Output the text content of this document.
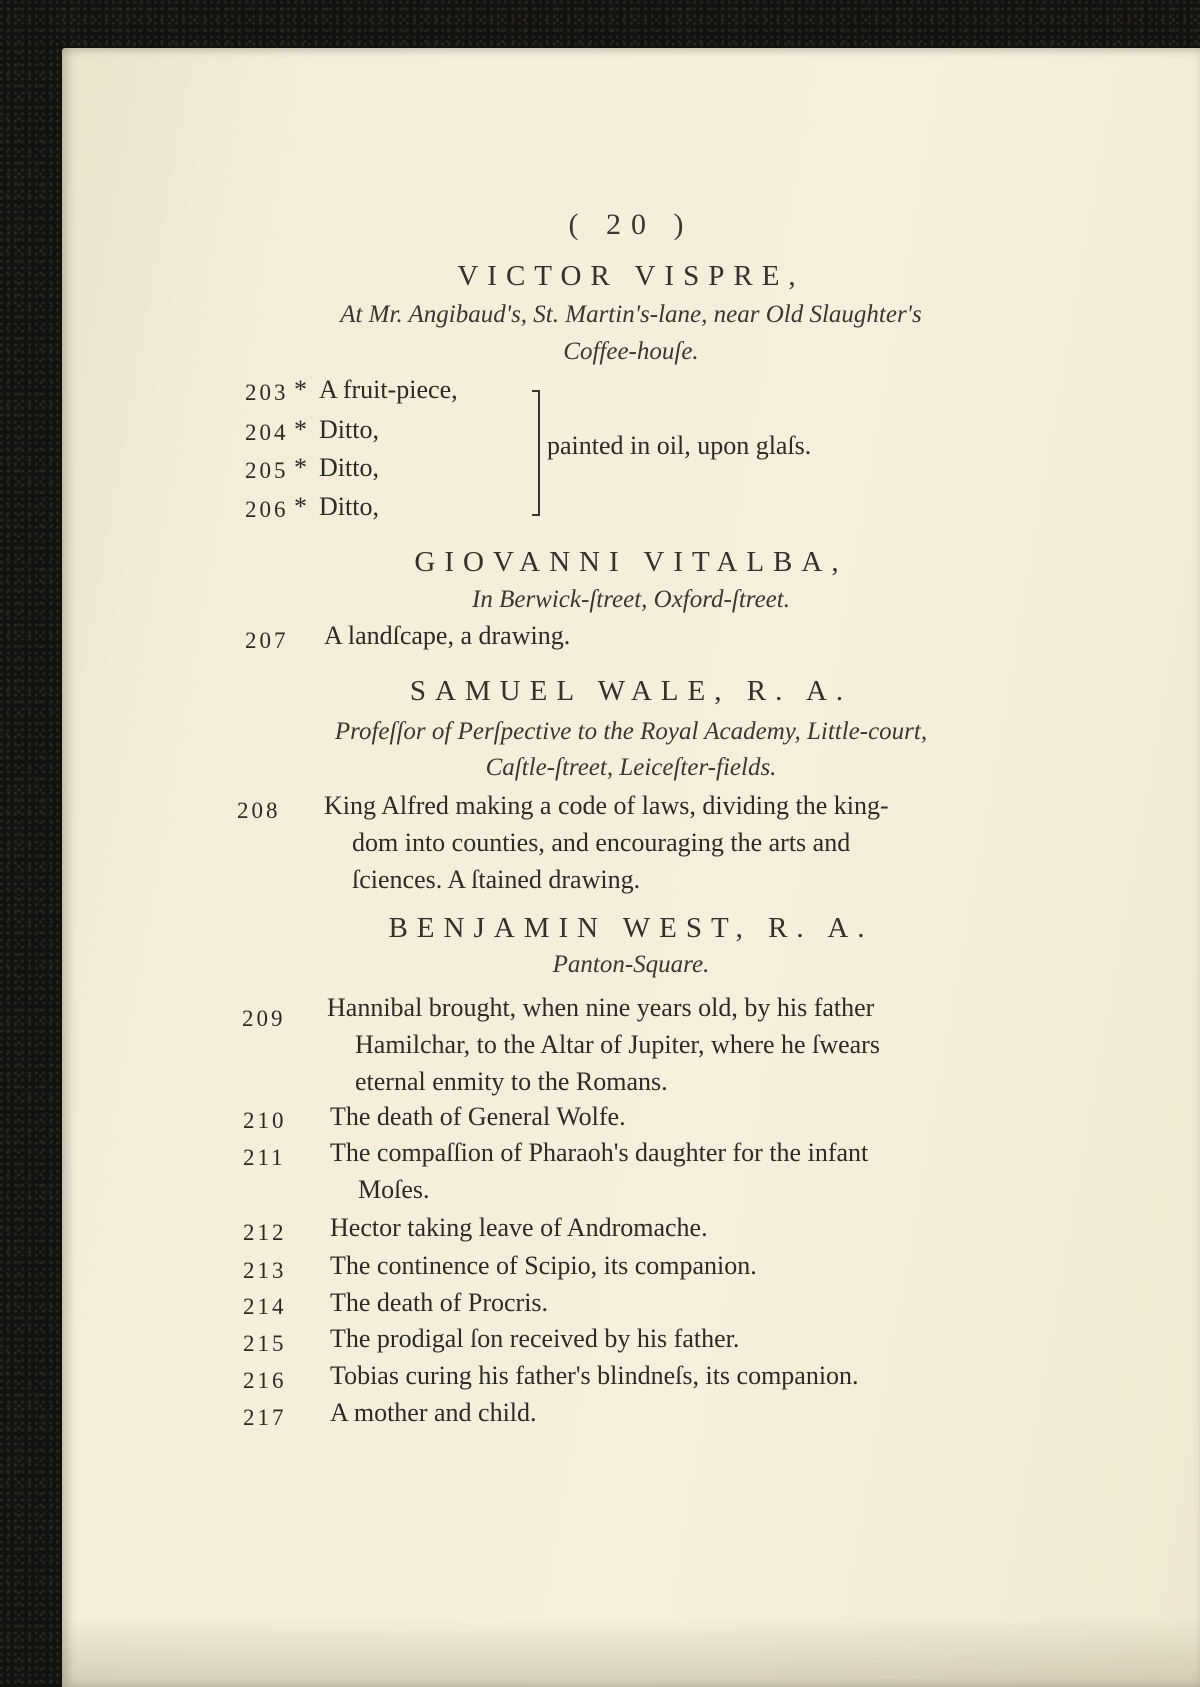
( 20 )
VICTOR VISPRE,
At Mr. Angibaud's, St. Martin's-lane, near Old Slaughter's
Coffee-houſe.
203 * A fruit-piece,
204 * Ditto,
205 * Ditto,
206 * Ditto,
painted in oil, upon glaſs.
GIOVANNI VITALBA,
In Berwick-ſtreet, Oxford-ſtreet.
207 A landſcape, a drawing.
SAMUEL WALE, R. A.
Profeſſor of Perſpective to the Royal Academy, Little-court,
Caſtle-ſtreet, Leiceſter-fields.
208 King Alfred making a code of laws, dividing the king-
dom into counties, and encouraging the arts and
ſciences. A ſtained drawing.
BENJAMIN WEST, R. A.
Panton-Square.
209 Hannibal brought, when nine years old, by his father
Hamilchar, to the Altar of Jupiter, where he ſwears
eternal enmity to the Romans.
210 The death of General Wolfe.
211 The compaſſion of Pharaoh's daughter for the infant
Moſes.
212 Hector taking leave of Andromache.
213 The continence of Scipio, its companion.
214 The death of Procris.
215 The prodigal ſon received by his father.
216 Tobias curing his father's blindneſs, its companion.
217 A mother and child.
